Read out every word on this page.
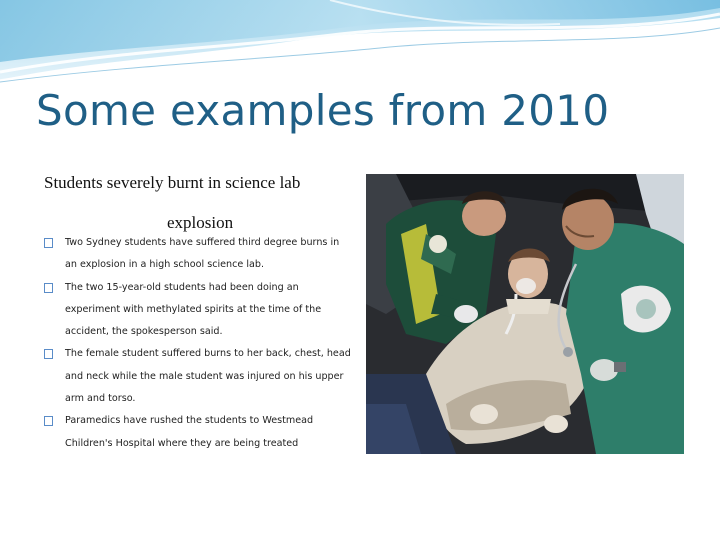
Some examples from 2010
Students severely burnt in science lab
explosion
Two Sydney students have suffered third degree burns in an explosion in a high school science lab.
The two 15-year-old students had been doing an experiment with methylated spirits at the time of the accident, the spokesperson said.
The female student suffered burns to her back, chest, head and neck while the male student was injured on his upper arm and torso.
Paramedics have rushed the students to Westmead Children's Hospital where they are being treated
